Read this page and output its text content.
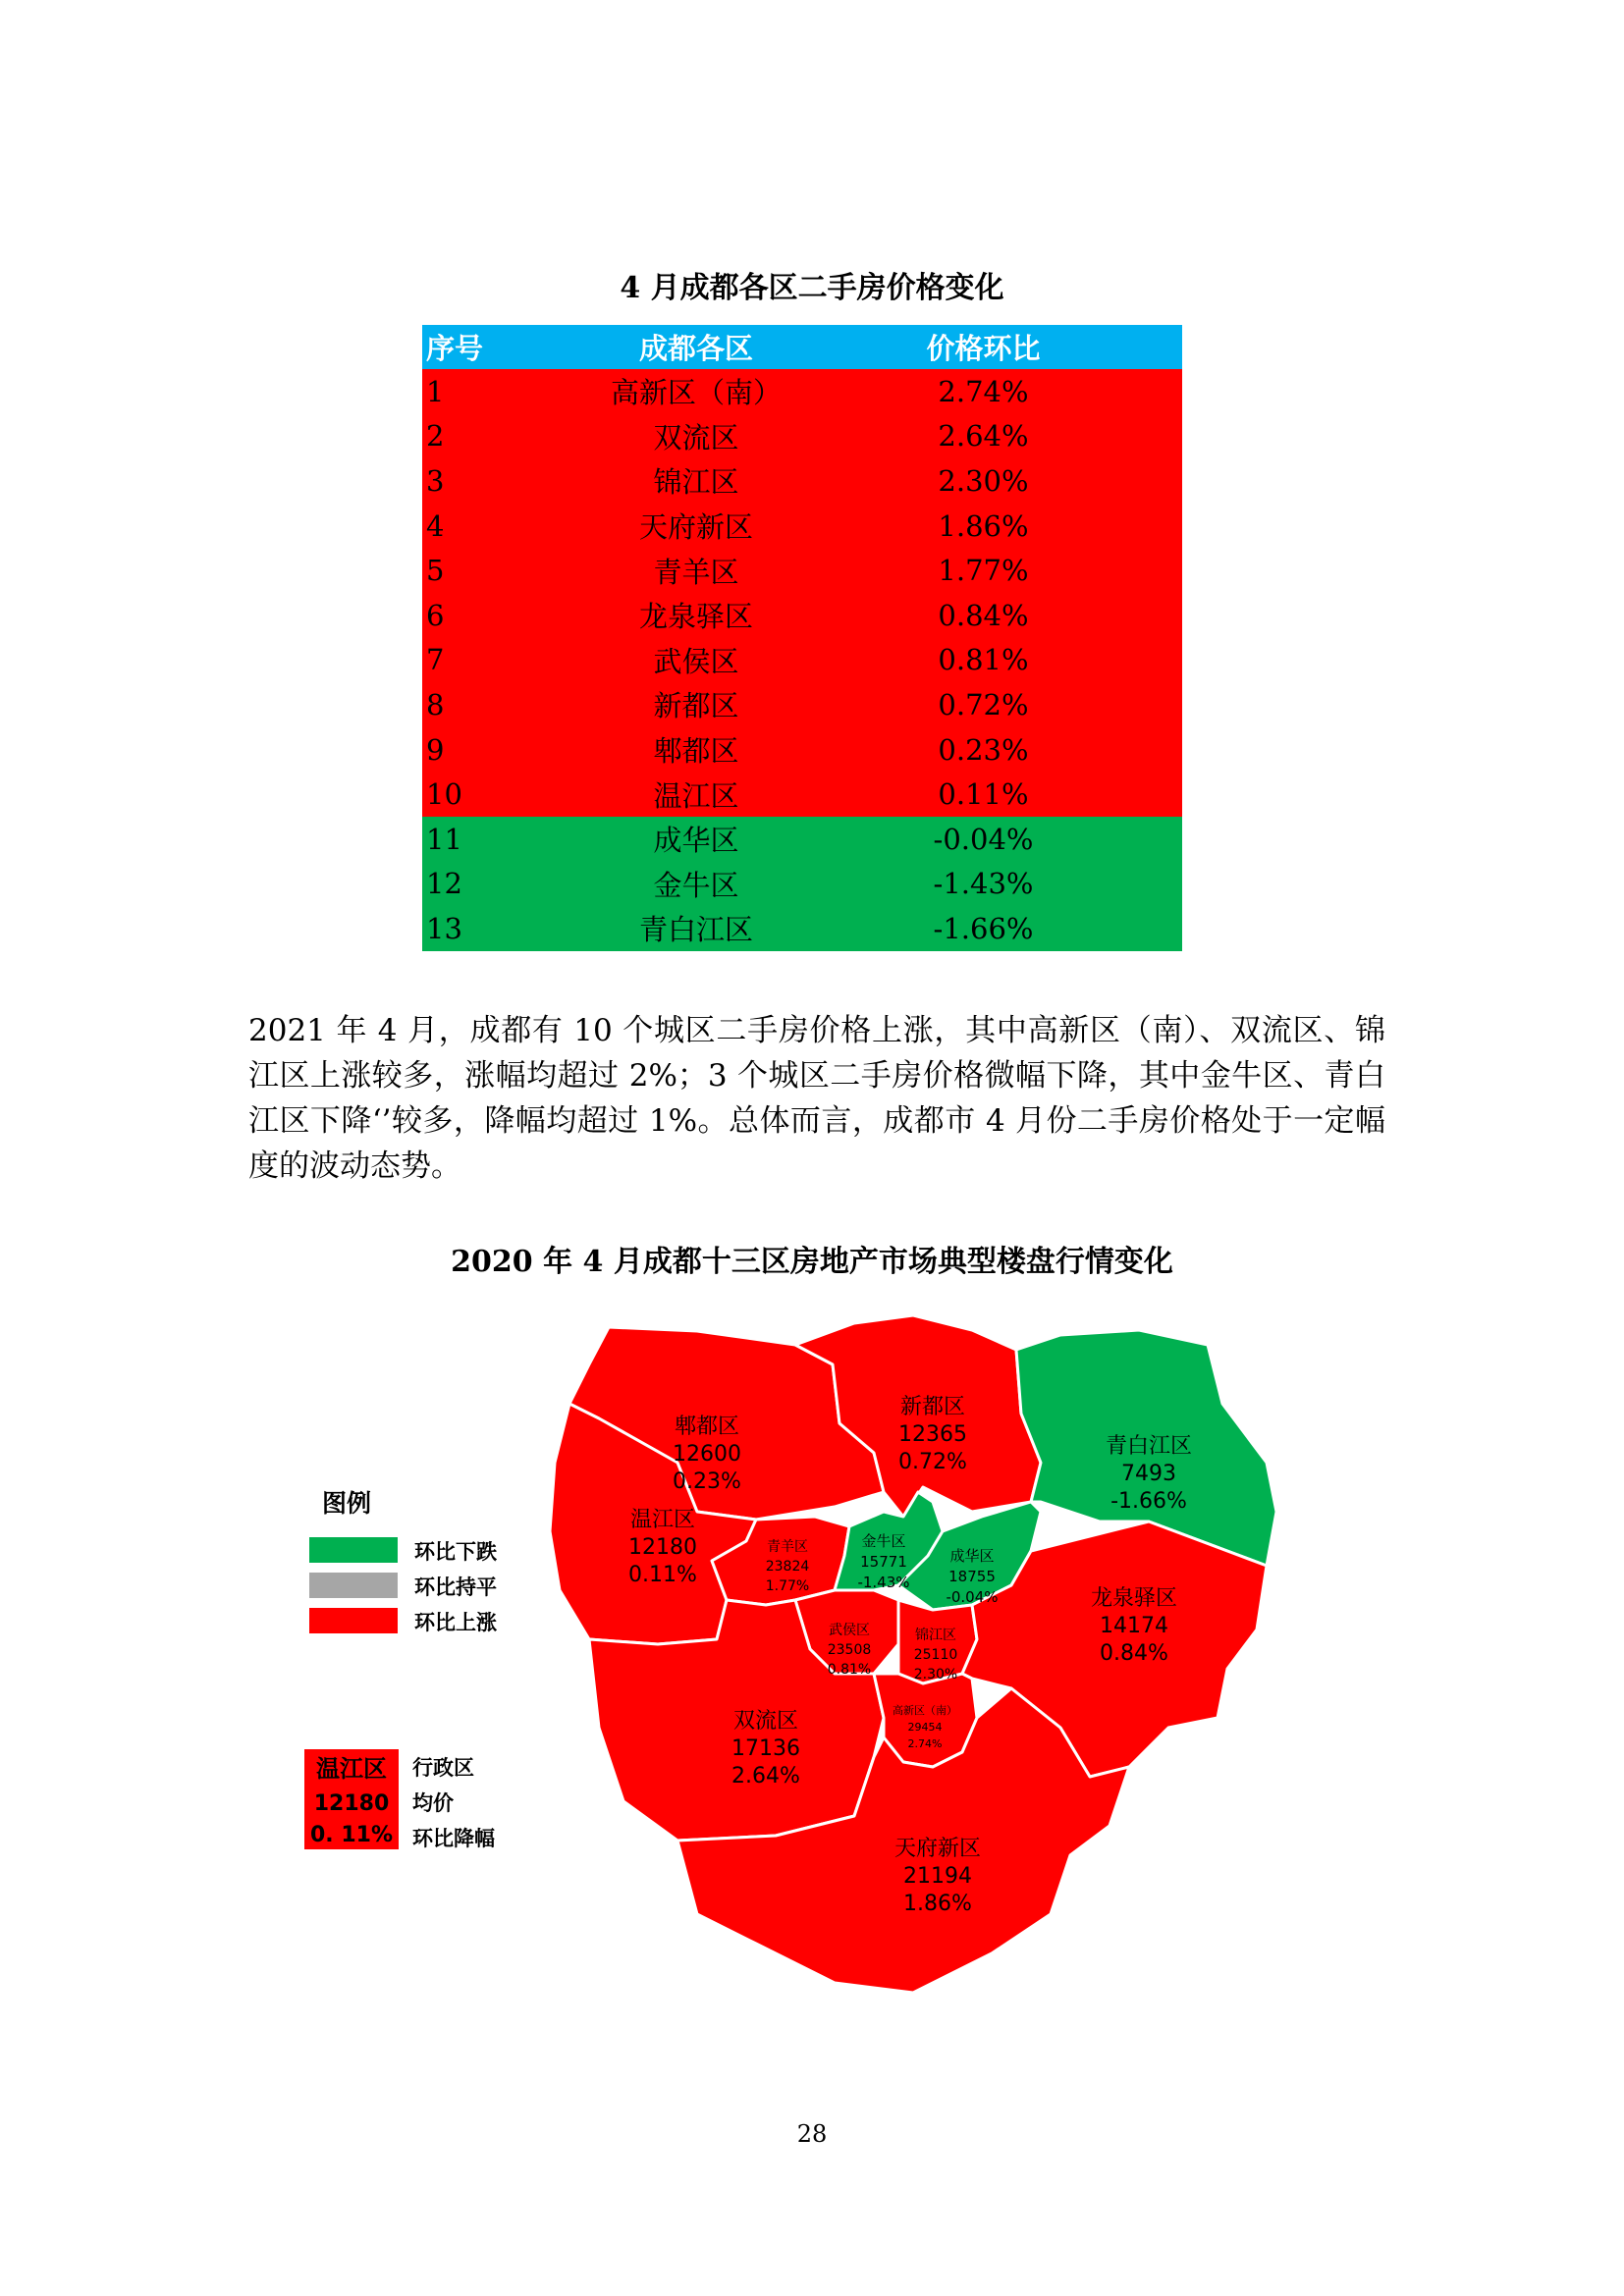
4 月成都各区二手房价格变化
序号	成都各区	价格环比
1	高新区（南）	2.74%
2	双流区	2.64%
3	锦江区	2.30%
4	天府新区	1.86%
5	青羊区	1.77%
6	龙泉驿区	0.84%
7	武侯区	0.81%
8	新都区	0.72%
9	郫都区	0.23%
10	温江区	0.11%
11	成华区	-0.04%
12	金牛区	-1.43%
13	青白江区	-1.66%
2021 年 4 月，成都有 10 个城区二手房价格上涨，其中高新区（南）、双流区、锦江区上涨较多，涨幅均超过 2%；3 个城区二手房价格微幅下降，其中金牛区、青白江区下降‘’较多，降幅均超过 1%。总体而言，成都市 4 月份二手房价格处于一定幅度的波动态势。
2020 年 4 月成都十三区房地产市场典型楼盘行情变化
图例
环比下跌
环比持平
环比上涨
温江区
12180
0. 11%
行政区
均价
环比降幅
郫都区
12600
0.23%
新都区
12365
0.72%
青白江区
7493
-1.66%
温江区
12180
0.11%
青羊区
23824
1.77%
金牛区
15771
-1.43%
成华区
18755
-0.04%
武侯区
23508
0.81%
锦江区
25110
2.30%
龙泉驿区
14174
0.84%
双流区
17136
2.64%
高新区（南）
29454
2.74%
天府新区
21194
1.86%
28
